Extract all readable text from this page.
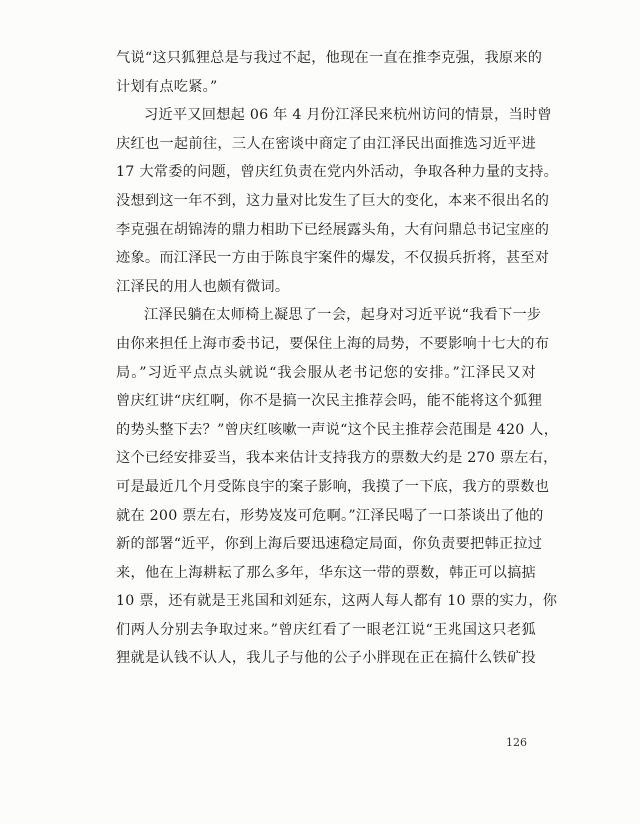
气说“这只狐狸总是与我过不起，他现在一直在推李克强，我原来的
计划有点吃紧。”
习近平又回想起 06 年 4 月份江泽民来杭州访问的情景，当时曾
庆红也一起前往，三人在密谈中商定了由江泽民出面推选习近平进
17 大常委的问题，曾庆红负责在党内外活动，争取各种力量的支持。
没想到这一年不到，这力量对比发生了巨大的变化，本来不很出名的
李克强在胡锦涛的鼎力相助下已经展露头角，大有问鼎总书记宝座的
迹象。而江泽民一方由于陈良宇案件的爆发，不仅损兵折将，甚至对
江泽民的用人也颇有微词。
江泽民躺在太师椅上凝思了一会，起身对习近平说“我看下一步
由你来担任上海市委书记，要保住上海的局势，不要影响十七大的布
局。”习近平点点头就说“我会服从老书记您的安排。”江泽民又对
曾庆红讲“庆红啊，你不是搞一次民主推荐会吗，能不能将这个狐狸
的势头整下去？”曾庆红咳嗽一声说“这个民主推荐会范围是 420 人，
这个已经安排妥当，我本来估计支持我方的票数大约是 270 票左右，
可是最近几个月受陈良宇的案子影响，我摸了一下底，我方的票数也
就在 200 票左右，形势岌岌可危啊。”江泽民喝了一口茶谈出了他的
新的部署“近平，你到上海后要迅速稳定局面，你负责要把韩正拉过
来，他在上海耕耘了那么多年，华东这一带的票数，韩正可以搞掂
10 票，还有就是王兆国和刘延东，这两人每人都有 10 票的实力，你
们两人分别去争取过来。”曾庆红看了一眼老江说“王兆国这只老狐
狸就是认钱不认人，我儿子与他的公子小胖现在正在搞什么铁矿投
126
